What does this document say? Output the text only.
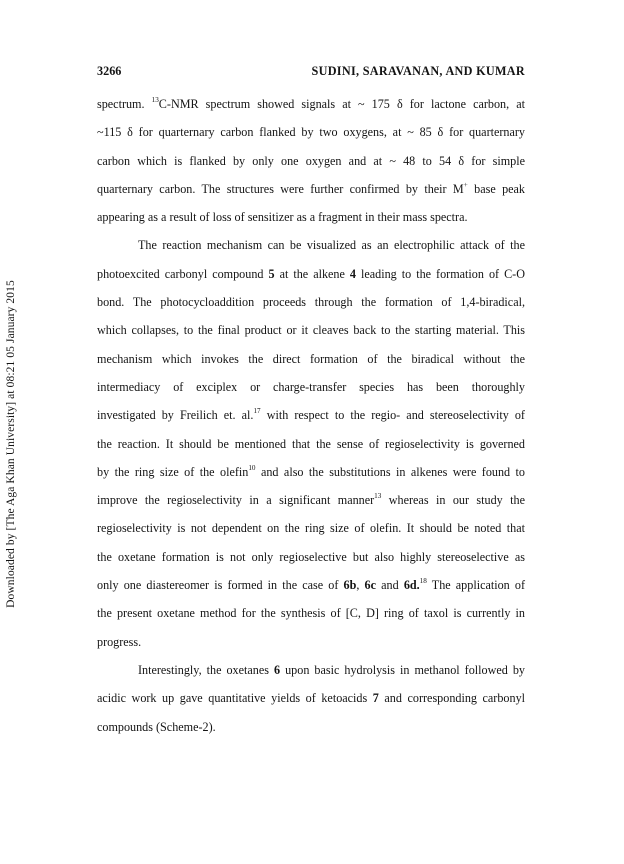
Downloaded by [The Aga Khan University] at 08:21 05 January 2015
3266	SUDINI, SARAVANAN, AND KUMAR
spectrum. $^{13}$C-NMR spectrum showed signals at ~ 175 δ for lactone carbon, at
~115 δ for quarternary carbon flanked by two oxygens, at ~ 85 δ for quarternary
carbon which is flanked by only one oxygen and at ~ 48 to 54 δ for simple
quarternary carbon. The structures were further confirmed by their M+ base peak
appearing as a result of loss of sensitizer as a fragment in their mass spectra.
The reaction mechanism can be visualized as an electrophilic attack of the
photoexcited carbonyl compound 5 at the alkene 4 leading to the formation of C-O
bond. The photocycloaddition proceeds through the formation of 1,4-biradical,
which collapses, to the final product or it cleaves back to the starting material. This
mechanism which invokes the direct formation of the biradical without the
intermediacy of exciplex or charge-transfer species has been thoroughly
investigated by Freilich et. al.$^{17}$ with respect to the regio- and stereoselectivity of
the reaction. It should be mentioned that the sense of regioselectivity is governed
by the ring size of the olefin$^{10}$ and also the substitutions in alkenes were found to
improve the regioselectivity in a significant manner$^{13}$ whereas in our study the
regioselectivity is not dependent on the ring size of olefin. It should be noted that
the oxetane formation is not only regioselective but also highly stereoselective as
only one diastereomer is formed in the case of 6b, 6c and 6d.$^{18}$ The application of
the present oxetane method for the synthesis of [C, D] ring of taxol is currently in
progress.
Interestingly, the oxetanes 6 upon basic hydrolysis in methanol followed by
acidic work up gave quantitative yields of ketoacids 7 and corresponding carbonyl
compounds (Scheme-2).
